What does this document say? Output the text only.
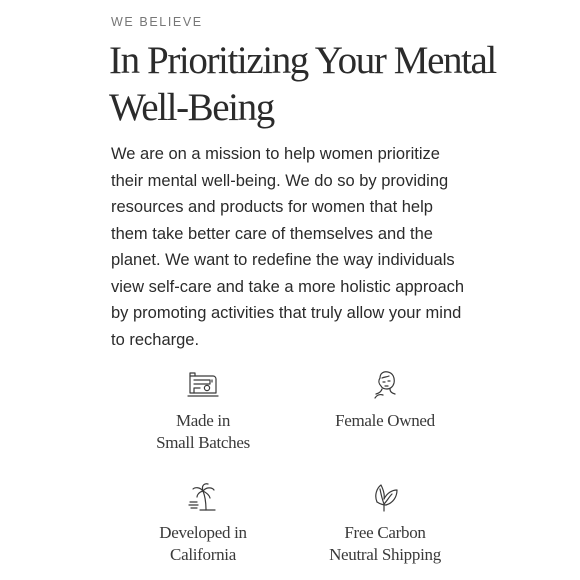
WE BELIEVE
In Prioritizing Your Mental
Well-Being

We are on a mission to help women prioritize
their mental well-being. We do so by providing
resources and products for women that help
them take better care of themselves and the
planet. We want to redefine the way individuals
view self-care and take a more holistic approach
by promoting activities that truly allow your mind
to recharge.

Made in
Small Batches
Female Owned
Developed in
California
Free Carbon
Neutral Shipping
